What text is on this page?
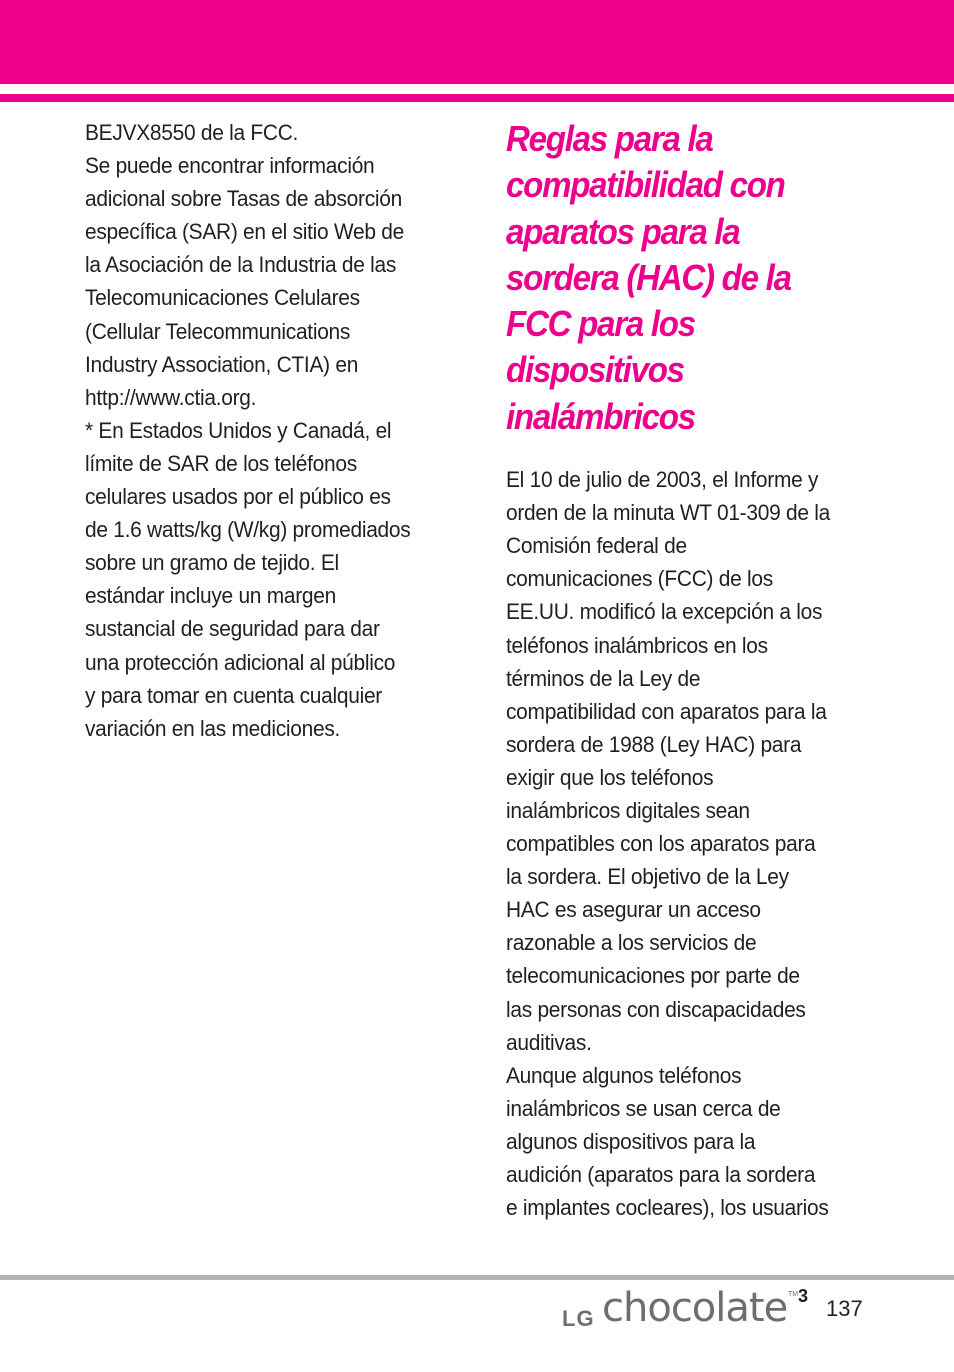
BEJVX8550 de la FCC.
Se puede encontrar información
adicional sobre Tasas de absorción
específica (SAR) en el sitio Web de
la Asociación de la Industria de las
Telecomunicaciones Celulares
(Cellular Telecommunications
Industry Association, CTIA) en
http://www.ctia.org.
* En Estados Unidos y Canadá, el
límite de SAR de los teléfonos
celulares usados por el público es
de 1.6 watts/kg (W/kg) promediados
sobre un gramo de tejido. El
estándar incluye un margen
sustancial de seguridad para dar
una protección adicional al público
y para tomar en cuenta cualquier
variación en las mediciones.
Reglas para la
compatibilidad con
aparatos para la
sordera (HAC) de la
FCC para los
dispositivos
inalámbricos
El 10 de julio de 2003, el Informe y
orden de la minuta WT 01-309 de la
Comisión federal de
comunicaciones (FCC) de los
EE.UU. modificó la excepción a los
teléfonos inalámbricos en los
términos de la Ley de
compatibilidad con aparatos para la
sordera de 1988 (Ley HAC) para
exigir que los teléfonos
inalámbricos digitales sean
compatibles con los aparatos para
la sordera. El objetivo de la Ley
HAC es asegurar un acceso
razonable a los servicios de
telecomunicaciones por parte de
las personas con discapacidades
auditivas.
Aunque algunos teléfonos
inalámbricos se usan cerca de
algunos dispositivos para la
audición (aparatos para la sordera
e implantes cocleares), los usuarios
LG chocolate TM 3 137
